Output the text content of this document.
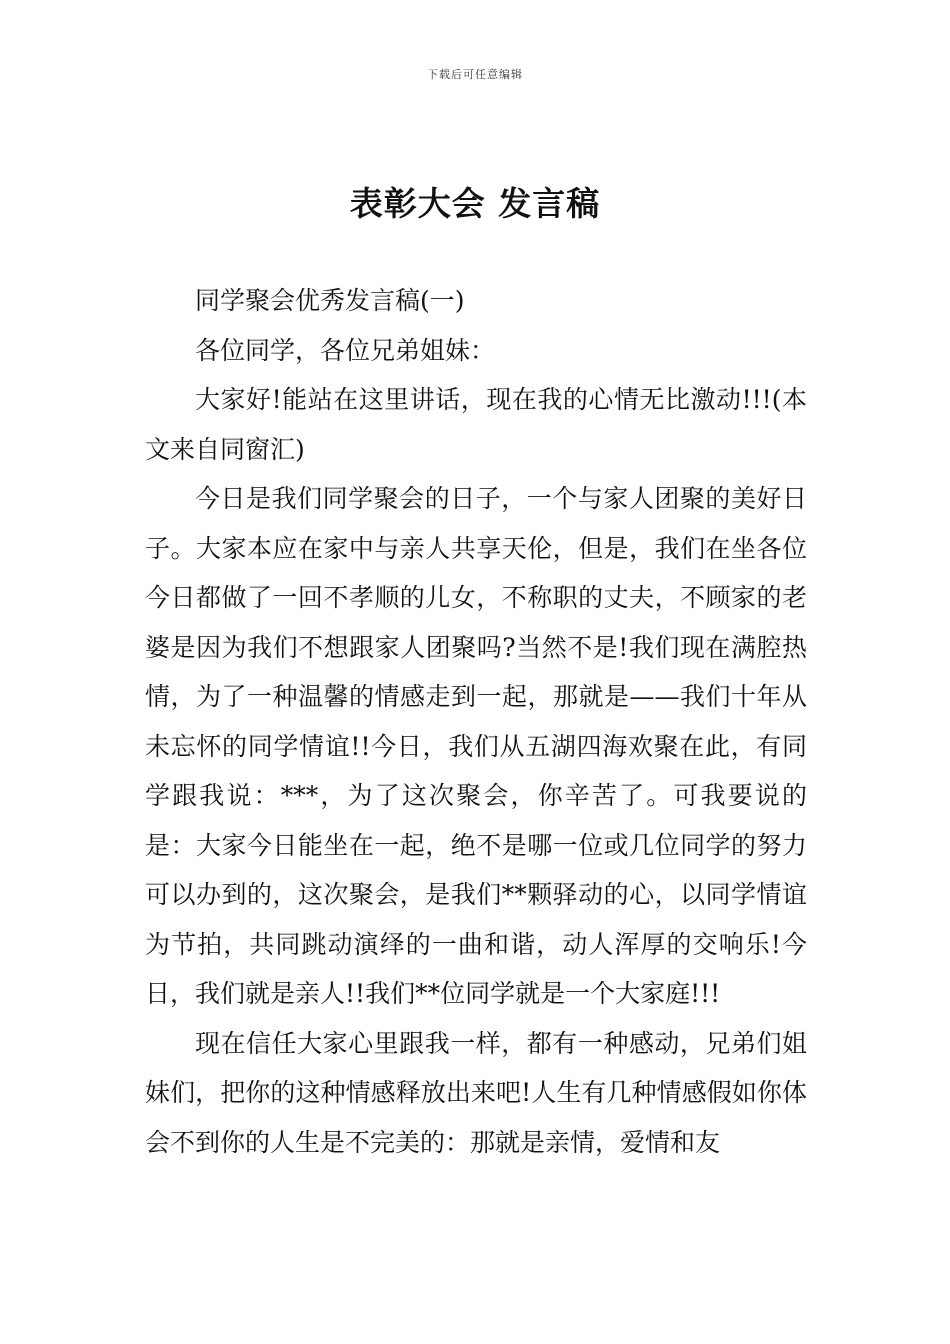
下载后可任意编辑
表彰大会 发言稿

同学聚会优秀发言稿(一)

各位同学，各位兄弟姐妹：

大家好!能站在这里讲话，现在我的心情无比激动!!!(本文来自同窗汇)

今日是我们同学聚会的日子，一个与家人团聚的美好日子。大家本应在家中与亲人共享天伦，但是，我们在坐各位今日都做了一回不孝顺的儿女，不称职的丈夫，不顾家的老婆是因为我们不想跟家人团聚吗?当然不是!我们现在满腔热情，为了一种温馨的情感走到一起，那就是——我们十年从未忘怀的同学情谊!!今日，我们从五湖四海欢聚在此，有同学跟我说：***，为了这次聚会，你辛苦了。可我要说的是：大家今日能坐在一起，绝不是哪一位或几位同学的努力可以办到的，这次聚会，是我们**颗驿动的心，以同学情谊为节拍，共同跳动演绎的一曲和谐，动人浑厚的交响乐!今日，我们就是亲人!!我们**位同学就是一个大家庭!!!

现在信任大家心里跟我一样，都有一种感动，兄弟们姐妹们，把你的这种情感释放出来吧!人生有几种情感假如你体会不到你的人生是不完美的：那就是亲情，爱情和友
